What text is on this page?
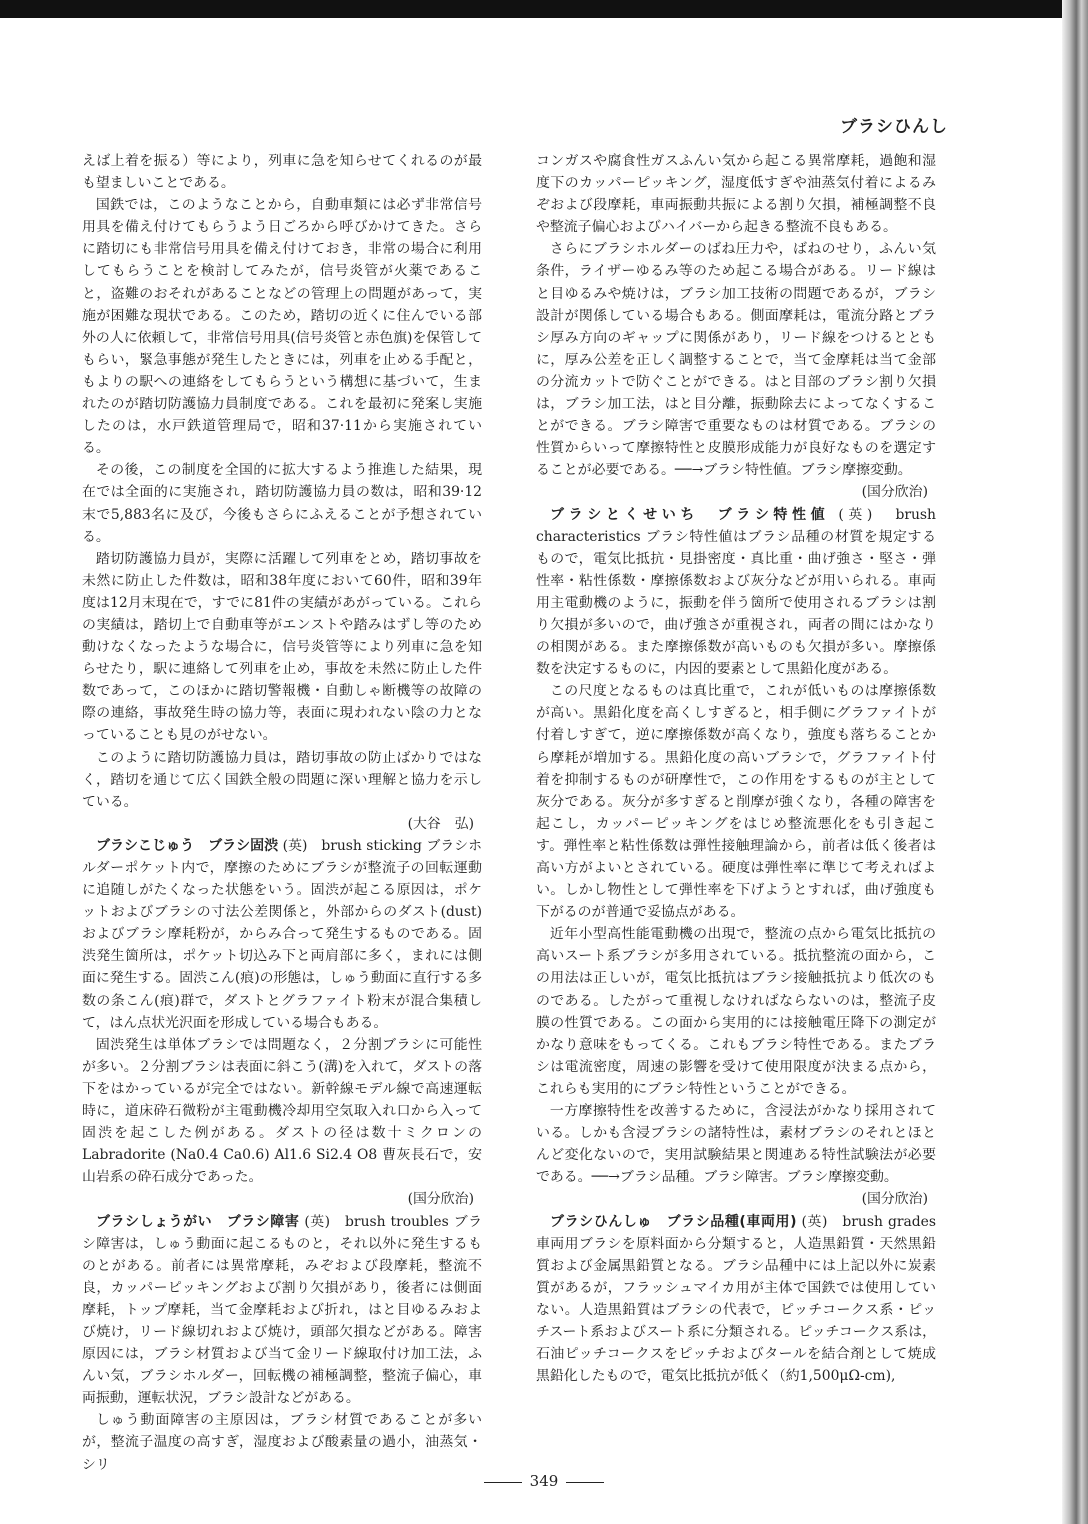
ブラシひんし
えば上着を振る）等により，列車に急を知らせてくれるのが最も望ましいことである。
国鉄では，このようなことから，自動車類には必ず非常信号用具を備え付けてもらうよう日ごろから呼びかけてきた。さらに踏切にも非常信号用具を備え付けておき，非常の場合に利用してもらうことを検討してみたが，信号炎管が火薬であること，盗難のおそれがあることなどの管理上の問題があって，実施が困難な現状である。このため，踏切の近くに住んでいる部外の人に依頼して，非常信号用具(信号炎管と赤色旗)を保管してもらい，緊急事態が発生したときには，列車を止める手配と，もよりの駅への連絡をしてもらうという構想に基づいて，生まれたのが踏切防護協力員制度である。これを最初に発案し実施したのは，水戸鉄道管理局で，昭和37·11から実施されている。
その後，この制度を全国的に拡大するよう推進した結果，現在では全面的に実施され，踏切防護協力員の数は，昭和39·12末で5,883名に及び，今後もさらにふえることが予想されている。
踏切防護協力員が，実際に活躍して列車をとめ，踏切事故を未然に防止した件数は，昭和38年度において60件，昭和39年度は12月末現在で，すでに81件の実績があがっている。これらの実績は，踏切上で自動車等がエンストや踏みはずし等のため動けなくなったような場合に，信号炎管等により列車に急を知らせたり，駅に連絡して列車を止め，事故を未然に防止した件数であって，このほかに踏切警報機・自動しゃ断機等の故障の際の連絡，事故発生時の協力等，表面に現われない陰の力となっていることも見のがせない。
このように踏切防護協力員は，踏切事故の防止ばかりではなく，踏切を通じて広く国鉄全般の問題に深い理解と協力を示している。
(大谷　弘)
ブラシこじゅう　ブラシ固渋 (英)　brush sticking ブラシホルダーポケット内で，摩擦のためにブラシが整流子の回転運動に追随しがたくなった状態をいう。固渋が起こる原因は，ポケットおよびブラシの寸法公差関係と，外部からのダスト(dust)およびブラシ摩耗粉が，からみ合って発生するものである。固渋発生箇所は，ポケット切込み下と両肩部に多く，まれには側面に発生する。固渋こん(痕)の形態は，しゅう動面に直行する多数の条こん(痕)群で，ダストとグラファイト粉末が混合集積して，はん点状光沢面を形成している場合もある。
固渋発生は単体ブラシでは問題なく，２分割ブラシに可能性が多い。２分割ブラシは表面に斜こう(溝)を入れて，ダストの落下をはかっているが完全ではない。新幹線モデル線で高速運転時に，道床砕石微粉が主電動機冷却用空気取入れ口から入って固渋を起こした例がある。ダストの径は数十ミクロンの Labradorite (Na0.4 Ca0.6) Al1.6 Si2.4 O8 曹灰長石で，安山岩系の砕石成分であった。
(国分欣治)
ブラシしょうがい　ブラシ障害 (英)　brush troubles ブラシ障害は，しゅう動面に起こるものと，それ以外に発生するものとがある。前者には異常摩耗，みぞおよび段摩耗，整流不良，カッパーピッキングおよび割り欠損があり，後者には側面摩耗，トップ摩耗，当て金摩耗および折れ，はと目ゆるみおよび焼け，リード線切れおよび焼け，頭部欠損などがある。障害原因には，ブラシ材質および当て金リード線取付け加工法，ふんい気，ブラシホルダー，回転機の補極調整，整流子偏心，車両振動，運転状況，ブラシ設計などがある。
しゅう動面障害の主原因は，ブラシ材質であることが多いが，整流子温度の高すぎ，湿度および酸素量の過小，油蒸気・シリ
コンガスや腐食性ガスふんい気から起こる異常摩耗，過飽和湿度下のカッパーピッキング，湿度低すぎや油蒸気付着によるみぞおよび段摩耗，車両振動共振による割り欠損，補極調整不良や整流子偏心およびハイバーから起きる整流不良もある。
さらにブラシホルダーのばね圧力や，ばねのせり，ふんい気条件，ライザーゆるみ等のため起こる場合がある。リード線はと目ゆるみや焼けは，ブラシ加工技術の問題であるが，ブラシ設計が関係している場合もある。側面摩耗は，電流分路とブラシ厚み方向のギャップに関係があり，リード線をつけるとともに，厚み公差を正しく調整することで，当て金摩耗は当て金部の分流カットで防ぐことができる。はと目部のブラシ割り欠損は，ブラシ加工法，はと目分離，振動除去によってなくすることができる。ブラシ障害で重要なものは材質である。ブラシの性質からいって摩擦特性と皮膜形成能力が良好なものを選定することが必要である。──→ブラシ特性値。ブラシ摩擦変動。
(国分欣治)
ブラシとくせいち　ブラシ特性値 (英)　brush characteristics ブラシ特性値はブラシ品種の材質を規定するもので，電気比抵抗・見掛密度・真比重・曲げ強さ・堅さ・弾性率・粘性係数・摩擦係数および灰分などが用いられる。車両用主電動機のように，振動を伴う箇所で使用されるブラシは割り欠損が多いので，曲げ強さが重視され，両者の間にはかなりの相関がある。また摩擦係数が高いものも欠損が多い。摩擦係数を決定するものに，内因的要素として黒鉛化度がある。
この尺度となるものは真比重で，これが低いものは摩擦係数が高い。黒鉛化度を高くしすぎると，相手側にグラファイトが付着しすぎて，逆に摩擦係数が高くなり，強度も落ちることから摩耗が増加する。黒鉛化度の高いブラシで，グラファイト付着を抑制するものが研摩性で，この作用をするものが主として灰分である。灰分が多すぎると削摩が強くなり，各種の障害を起こし，カッパーピッキングをはじめ整流悪化をも引き起こす。弾性率と粘性係数は弾性接触理論から，前者は低く後者は高い方がよいとされている。硬度は弾性率に準じて考えればよい。しかし物性として弾性率を下げようとすれば，曲げ強度も下がるのが普通で妥協点がある。
近年小型高性能電動機の出現で，整流の点から電気比抵抗の高いスート系ブラシが多用されている。抵抗整流の面から，この用法は正しいが，電気比抵抗はブラシ接触抵抗より低次のものである。したがって重視しなければならないのは，整流子皮膜の性質である。この面から実用的には接触電圧降下の測定がかなり意味をもってくる。これもブラシ特性である。またブラシは電流密度，周速の影響を受けて使用限度が決まる点から，これらも実用的にブラシ特性ということができる。
一方摩擦特性を改善するために，含浸法がかなり採用されている。しかも含浸ブラシの諸特性は，素材ブラシのそれとほとんど変化ないので，実用試験結果と関連ある特性試験法が必要である。──→ブラシ品種。ブラシ障害。ブラシ摩擦変動。
(国分欣治)
ブラシひんしゅ　ブラシ品種(車両用) (英)　brush grades 車両用ブラシを原料面から分類すると，人造黒鉛質・天然黒鉛質および金属黒鉛質となる。ブラシ品種中には上記以外に炭素質があるが，フラッシュマイカ用が主体で国鉄では使用していない。人造黒鉛質はブラシの代表で，ピッチコークス系・ピッチスート系およびスート系に分類される。ピッチコークス系は，石油ピッチコークスをピッチおよびタールを結合剤として焼成黒鉛化したもので，電気比抵抗が低く（約1,500μΩ-cm),
349
